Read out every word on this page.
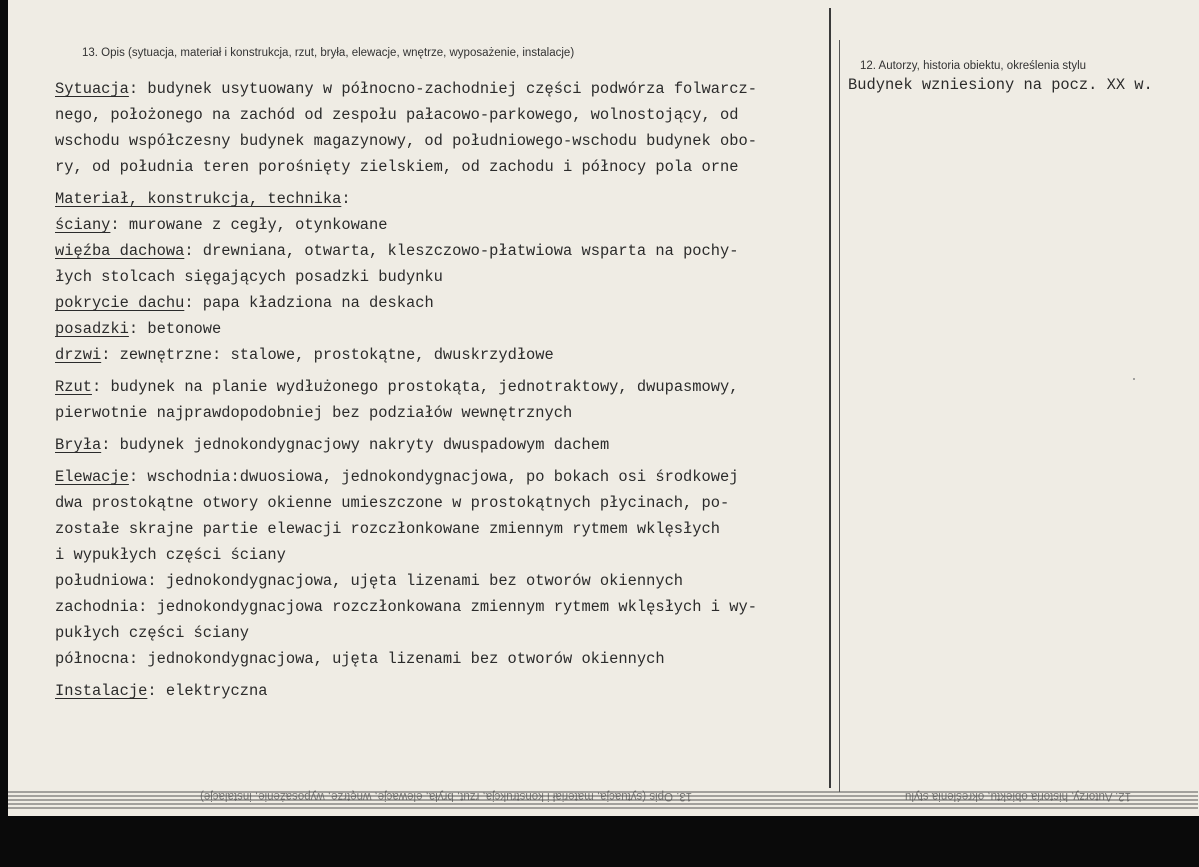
13. Opis (sytuacja, materiał i konstrukcja, rzut, bryła, elewacje, wnętrze, wyposażenie, instalacje)
12. Autorzy, historia obiektu, określenia stylu
Sytuacja: budynek usytuowany w północno-zachodniej części podwórza folwarcz-
nego, położonego na zachód od zespołu pałacowo-parkowego, wolnostojący, od
wschodu współczesny budynek magazynowy, od południowego-wschodu budynek obo-
ry, od południa teren porośnięty zielskiem, od zachodu i północy pola orne
Materiał, konstrukcja, technika:
ściany: murowane z cegły, otynkowane
więźba dachowa: drewniana, otwarta, kleszczowo-płatwiowa wsparta na pochy-
łych stolcach sięgających posadzki budynku
pokrycie dachu: papa kładziona na deskach
posadzki: betonowe
drzwi: zewnętrzne: stalowe, prostokątne, dwuskrzydłowe
Rzut: budynek na planie wydłużonego prostokąta, jednotraktowy, dwupasmowy,
pierwotnie najprawdopodobniej bez podziałów wewnętrznych
Bryła: budynek jednokondygnacjowy nakryty dwuspadowym dachem
Elewacje: wschodnia:dwuosiowa, jednokondygnacjowa, po bokach osi środkowej
dwa prostokątne otwory okienne umieszczone w prostokątnych płycinach, po-
zostałe skrajne partie elewacji rozczłonkowane zmiennym rytmem wklęsłych
i wypukłych części ściany
południowa: jednokondygnacjowa, ujęta lizenami bez otworów okiennych
zachodnia: jednokondygnacjowa rozczłonkowana zmiennym rytmem wklęsłych i wy-
pukłych części ściany
północna: jednokondygnacjowa, ujęta lizenami bez otworów okiennych
Instalacje: elektryczna
Budynek wzniesiony na pocz. XX w.
13. Opis (sytuacja, materiał i konstrukcja, rzut, bryła, elewacje, wnętrze, wyposażenie, instalacje)	12. Autorzy, historia obiektu, określenia stylu
